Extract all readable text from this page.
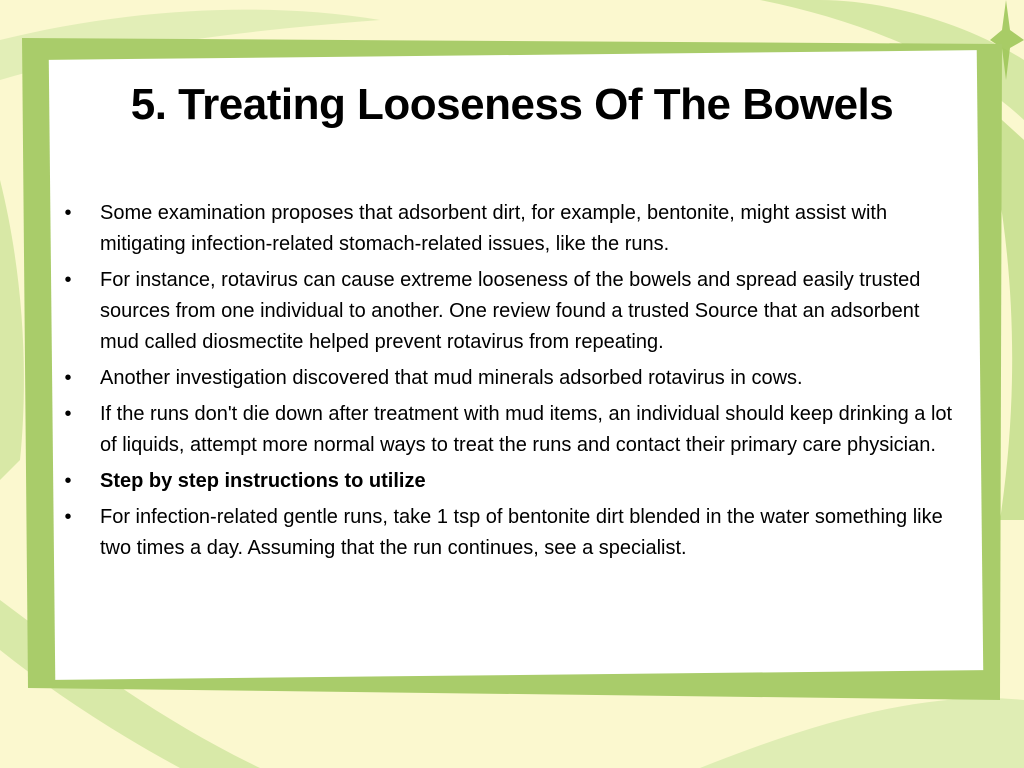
5. Treating Looseness Of The Bowels
•	Some examination proposes that adsorbent dirt, for example, bentonite, might assist with mitigating infection-related stomach-related issues, like the runs.
•	For instance, rotavirus can cause extreme looseness of the bowels and spread easily trusted sources from one individual to another. One review found a trusted Source that an adsorbent mud called diosmectite helped prevent rotavirus from repeating.
•	Another investigation discovered that mud minerals adsorbed rotavirus in cows.
•	If the runs don't die down after treatment with mud items, an individual should keep drinking a lot of liquids, attempt more normal ways to treat the runs and contact their primary care physician.
•	Step by step instructions to utilize
•	For infection-related gentle runs, take 1 tsp of bentonite dirt blended in the water something like two times a day. Assuming that the run continues, see a specialist.
